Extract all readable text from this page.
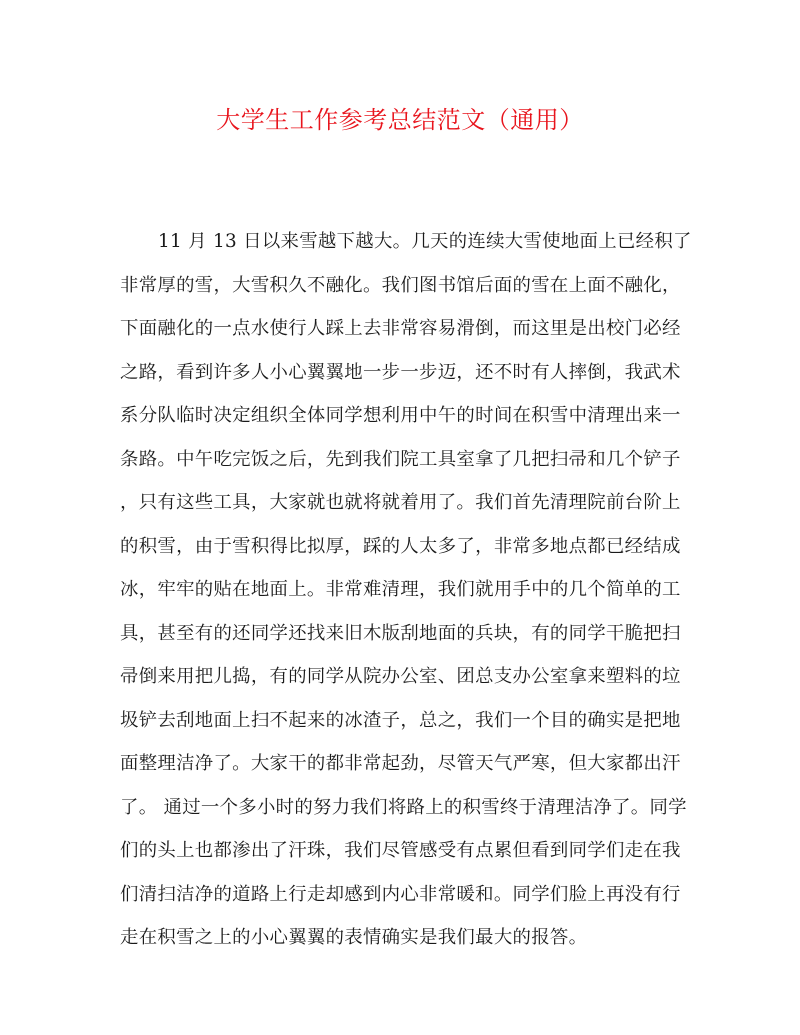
大学生工作参考总结范文（通用）
11 月 13 日以来雪越下越大。几天的连续大雪使地面上已经积了
非常厚的雪，大雪积久不融化。我们图书馆后面的雪在上面不融化，
下面融化的一点水使行人踩上去非常容易滑倒，而这里是出校门必经
之路，看到许多人小心翼翼地一步一步迈，还不时有人摔倒，我武术
系分队临时决定组织全体同学想利用中午的时间在积雪中清理出来一
条路。中午吃完饭之后，先到我们院工具室拿了几把扫帚和几个铲子
，只有这些工具，大家就也就将就着用了。我们首先清理院前台阶上
的积雪，由于雪积得比拟厚，踩的人太多了，非常多地点都已经结成
冰，牢牢的贴在地面上。非常难清理，我们就用手中的几个简单的工
具，甚至有的还同学还找来旧木版刮地面的兵块，有的同学干脆把扫
帚倒来用把儿捣，有的同学从院办公室、团总支办公室拿来塑料的垃
圾铲去刮地面上扫不起来的冰渣子，总之，我们一个目的确实是把地
面整理洁净了。大家干的都非常起劲，尽管天气严寒，但大家都出汗
了。 通过一个多小时的努力我们将路上的积雪终于清理洁净了。同学
们的头上也都渗出了汗珠，我们尽管感受有点累但看到同学们走在我
们清扫洁净的道路上行走却感到内心非常暖和。同学们脸上再没有行
走在积雪之上的小心翼翼的表情确实是我们最大的报答。
